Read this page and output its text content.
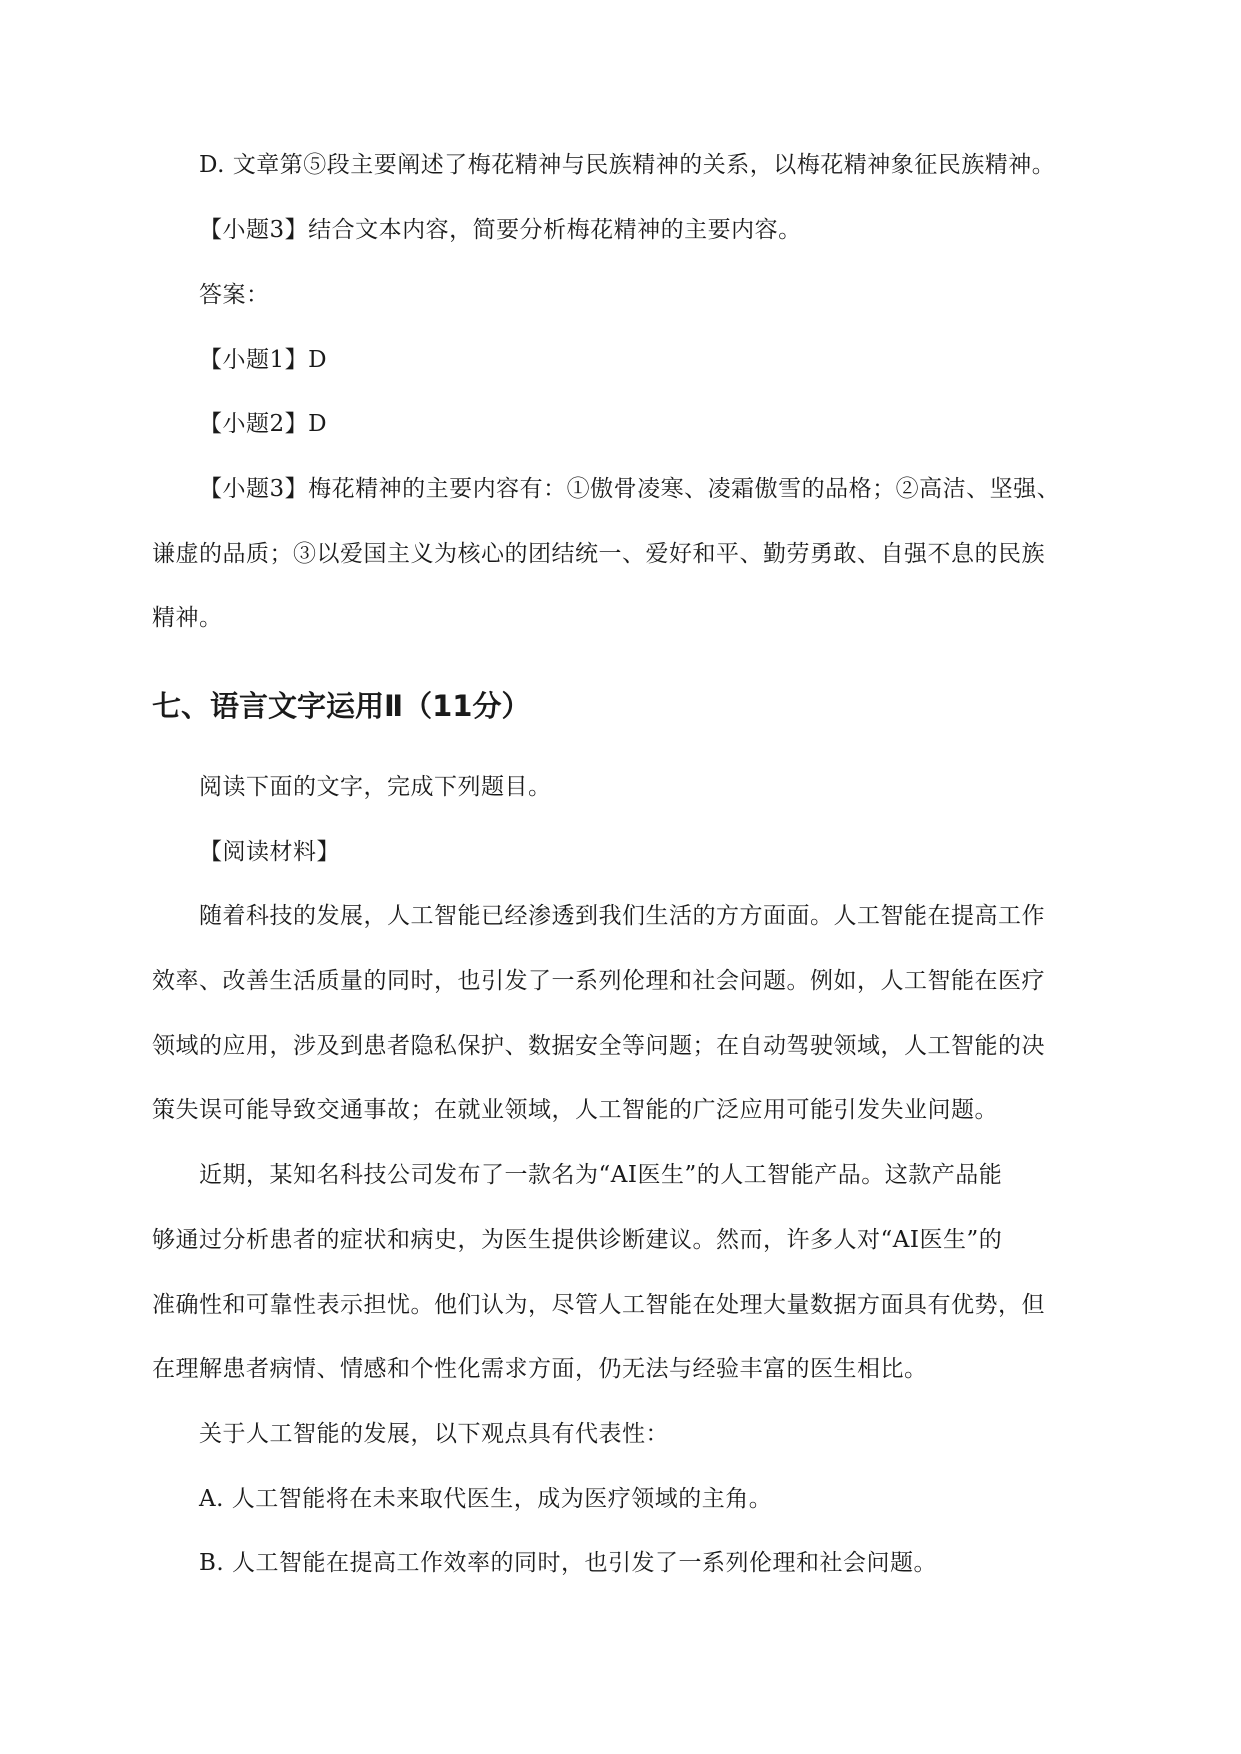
D. 文章第⑤段主要阐述了梅花精神与民族精神的关系，以梅花精神象征民族精神。
【小题3】结合文本内容，简要分析梅花精神的主要内容。
答案：
【小题1】D
【小题2】D
【小题3】梅花精神的主要内容有：①傲骨凌寒、凌霜傲雪的品格；②高洁、坚强、
谦虚的品质；③以爱国主义为核心的团结统一、爱好和平、勤劳勇敢、自强不息的民族
精神。
七、语言文字运用Ⅱ（11分）
阅读下面的文字，完成下列题目。
【阅读材料】
随着科技的发展，人工智能已经渗透到我们生活的方方面面。人工智能在提高工作
效率、改善生活质量的同时，也引发了一系列伦理和社会问题。例如，人工智能在医疗
领域的应用，涉及到患者隐私保护、数据安全等问题；在自动驾驶领域，人工智能的决
策失误可能导致交通事故；在就业领域，人工智能的广泛应用可能引发失业问题。
近期，某知名科技公司发布了一款名为“AI医生”的人工智能产品。这款产品能
够通过分析患者的症状和病史，为医生提供诊断建议。然而，许多人对“AI医生”的
准确性和可靠性表示担忧。他们认为，尽管人工智能在处理大量数据方面具有优势，但
在理解患者病情、情感和个性化需求方面，仍无法与经验丰富的医生相比。
关于人工智能的发展，以下观点具有代表性：
A. 人工智能将在未来取代医生，成为医疗领域的主角。
B. 人工智能在提高工作效率的同时，也引发了一系列伦理和社会问题。
